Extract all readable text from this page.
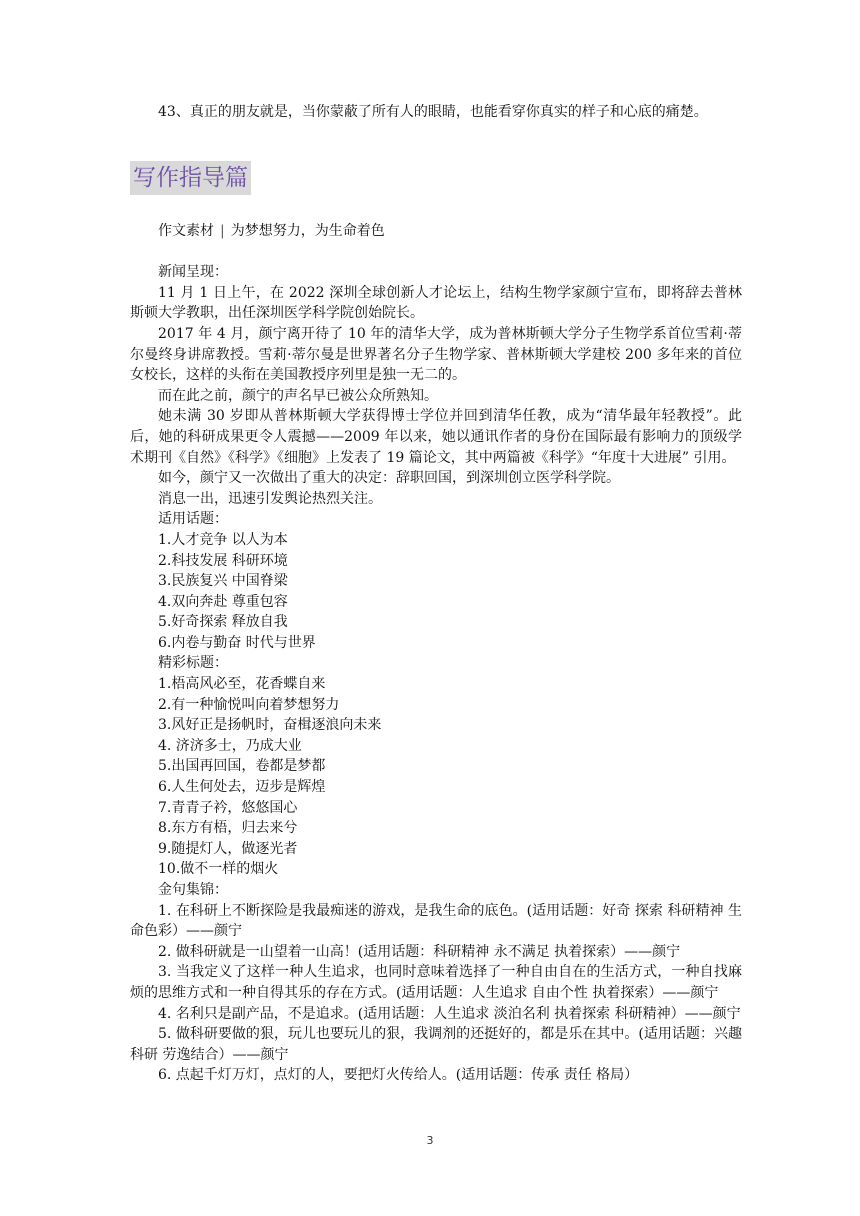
43、真正的朋友就是，当你蒙蔽了所有人的眼睛，也能看穿你真实的样子和心底的痛楚。

写作指导篇
作文素材 | 为梦想努力，为生命着色

新闻呈现：

11 月 1 日上午，在 2022 深圳全球创新人才论坛上，结构生物学家颜宁宣布，即将辞去普林斯顿大学教职，出任深圳医学科学院创始院长。

2017 年 4 月，颜宁离开待了 10 年的清华大学，成为普林斯顿大学分子生物学系首位雪莉·蒂尔曼终身讲席教授。雪莉·蒂尔曼是世界著名分子生物学家、普林斯顿大学建校 200 多年来的首位女校长，这样的头衔在美国教授序列里是独一无二的。

而在此之前，颜宁的声名早已被公众所熟知。

她未满 30 岁即从普林斯顿大学获得博士学位并回到清华任教，成为“清华最年轻教授”。此后，她的科研成果更令人震撼——2009 年以来，她以通讯作者的身份在国际最有影响力的顶级学术期刊《自然》《科学》《细胞》上发表了 19 篇论文，其中两篇被《科学》“年度十大进展” 引用。

如今，颜宁又一次做出了重大的决定：辞职回国，到深圳创立医学科学院。

消息一出，迅速引发舆论热烈关注。

适用话题：

1.人才竞争 以人为本

2.科技发展 科研环境

3.民族复兴 中国脊梁

4.双向奔赴 尊重包容

5.好奇探索 释放自我

6.内卷与勤奋 时代与世界

精彩标题：

1.梧高风必至，花香蝶自来

2.有一种愉悦叫向着梦想努力

3.风好正是扬帆时，奋楫逐浪向未来

4. 济济多士，乃成大业

5.出国再回国，卷都是梦都

6.人生何处去，迈步是辉煌

7.青青子衿，悠悠国心

8.东方有梧，归去来兮

9.随提灯人，做逐光者

10.做不一样的烟火

金句集锦：

1. 在科研上不断探险是我最痴迷的游戏，是我生命的底色。(适用话题：好奇 探索 科研精神 生命色彩）——颜宁

2. 做科研就是一山望着一山高！(适用话题：科研精神 永不满足 执着探索）——颜宁

3. 当我定义了这样一种人生追求，也同时意味着选择了一种自由自在的生活方式，一种自找麻烦的思维方式和一种自得其乐的存在方式。(适用话题：人生追求 自由个性 执着探索）——颜宁

4. 名利只是副产品，不是追求。(适用话题：人生追求 淡泊名利 执着探索 科研精神）——颜宁

5. 做科研要做的狠，玩儿也要玩儿的狠，我调剂的还挺好的，都是乐在其中。(适用话题：兴趣 科研 劳逸结合）——颜宁

6. 点起千灯万灯，点灯的人，要把灯火传给人。(适用话题：传承 责任 格局）

3
